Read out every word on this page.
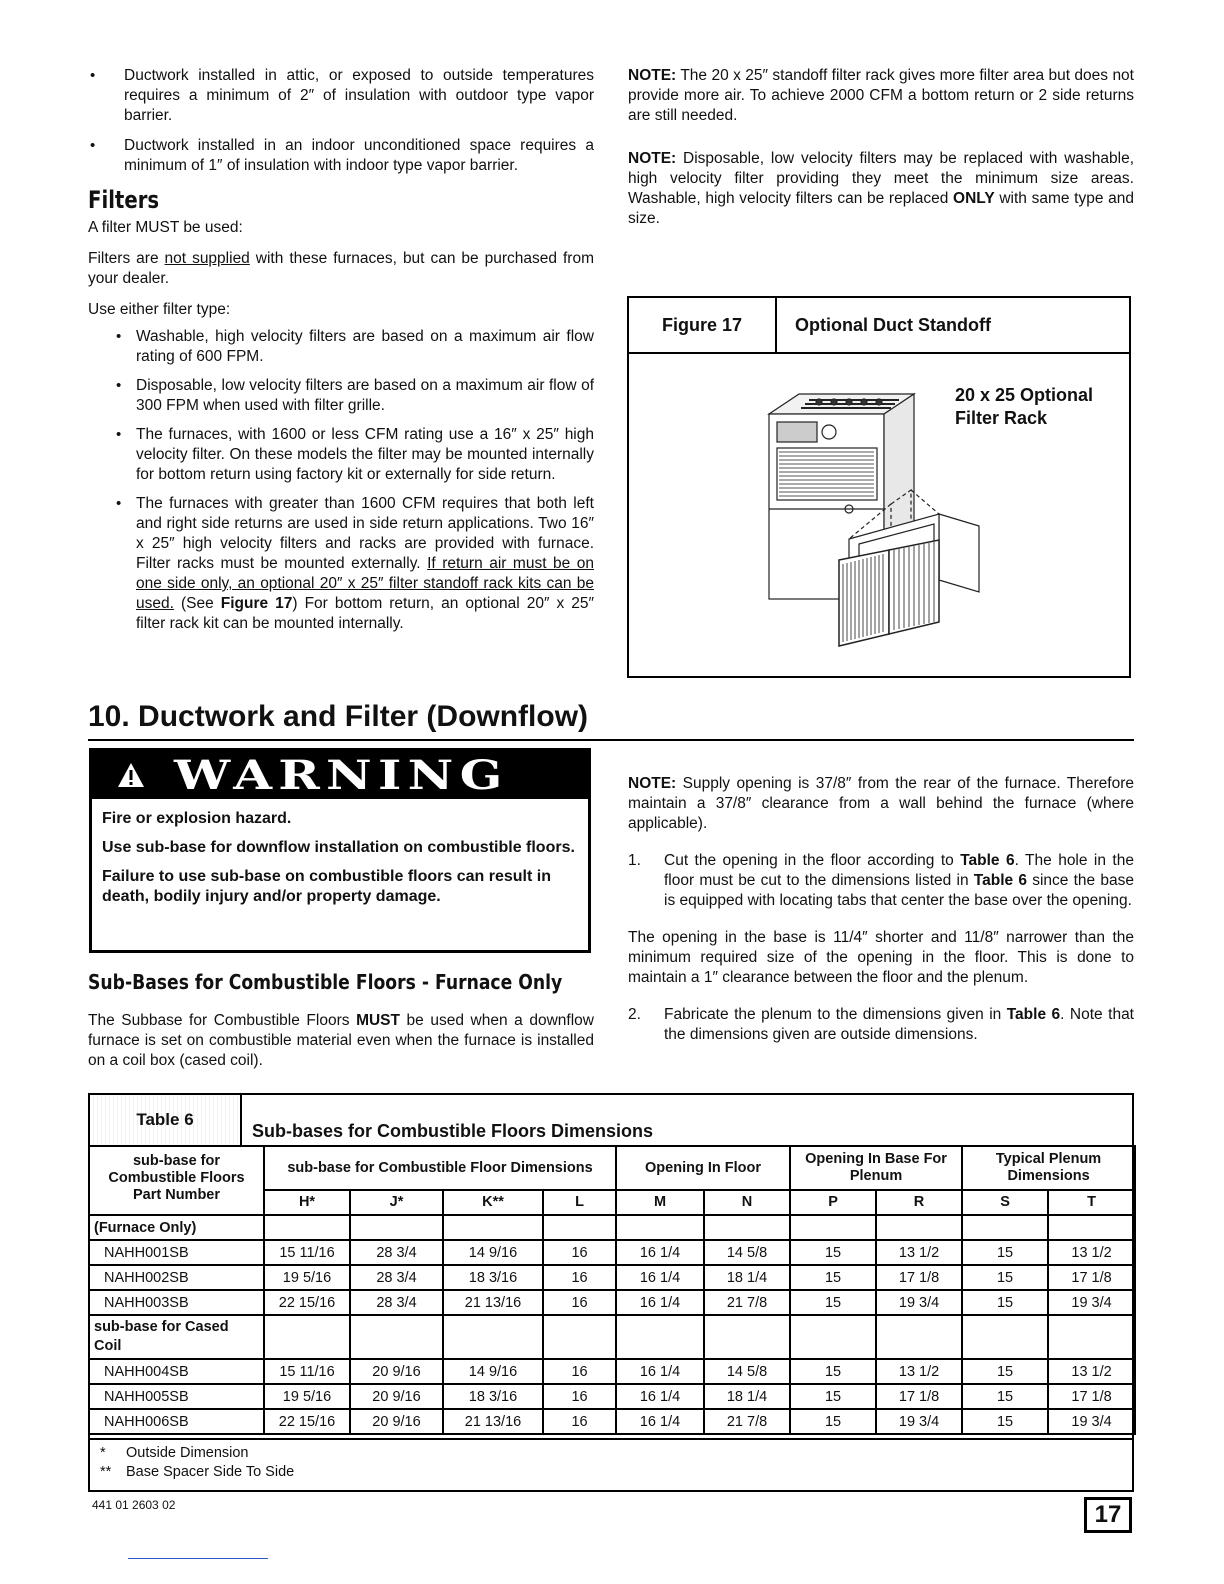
• Ductwork installed in attic, or exposed to outside temperatures requires a minimum of 2″ of insulation with outdoor type vapor barrier.
• Ductwork installed in an indoor unconditioned space requires a minimum of 1″ of insulation with indoor type vapor barrier.
Filters
A filter MUST be used:
Filters are not supplied with these furnaces, but can be purchased from your dealer.
Use either filter type:
• Washable, high velocity filters are based on a maximum air flow rating of 600 FPM.
• Disposable, low velocity filters are based on a maximum air flow of 300 FPM when used with filter grille.
• The furnaces, with 1600 or less CFM rating use a 16″ x 25″ high velocity filter. On these models the filter may be mounted internally for bottom return using factory kit or externally for side return.
• The furnaces with greater than 1600 CFM requires that both left and right side returns are used in side return applications. Two 16″ x 25″ high velocity filters and racks are provided with furnace. Filter racks must be mounted externally. If return air must be on one side only, an optional 20″ x 25″ filter standoff rack kits can be used. (See Figure 17) For bottom return, an optional 20″ x 25″ filter rack kit can be mounted internally.
NOTE: The 20 x 25″ standoff filter rack gives more filter area but does not provide more air. To achieve 2000 CFM a bottom return or 2 side returns are still needed.
NOTE: Disposable, low velocity filters may be replaced with washable, high velocity filter providing they meet the minimum size areas. Washable, high velocity filters can be replaced ONLY with same type and size.
Figure 17	Optional Duct Standoff
20 x 25 Optional Filter Rack
10. Ductwork and Filter (Downflow)
WARNING
Fire or explosion hazard.
Use sub-base for downflow installation on combustible floors.
Failure to use sub-base on combustible floors can result in death, bodily injury and/or property damage.
Sub-Bases for Combustible Floors - Furnace Only
The Subbase for Combustible Floors MUST be used when a downflow furnace is set on combustible material even when the furnace is installed on a coil box (cased coil).
NOTE: Supply opening is 37/8″ from the rear of the furnace. Therefore maintain a 37/8″ clearance from a wall behind the furnace (where applicable).
1.	Cut the opening in the floor according to Table 6. The hole in the floor must be cut to the dimensions listed in Table 6 since the base is equipped with locating tabs that center the base over the opening.
The opening in the base is 11/4″ shorter and 11/8″ narrower than the minimum required size of the opening in the floor. This is done to maintain a 1″ clearance between the floor and the plenum.
2.	Fabricate the plenum to the dimensions given in Table 6. Note that the dimensions given are outside dimensions.
Table 6
Sub-bases for Combustible Floors Dimensions
sub-base for Combustible Floors Part Number	sub-base for Combustible Floor Dimensions				Opening In Floor		Opening In Base For Plenum		Typical Plenum Dimensions	
	H*	J*	K**	L	M	N	P	R	S	T
(Furnace Only)										
NAHH001SB	15 11/16	28 3/4	14 9/16	16	16 1/4	14 5/8	15	13 1/2	15	13 1/2
NAHH002SB	19 5/16	28 3/4	18 3/16	16	16 1/4	18 1/4	15	17 1/8	15	17 1/8
NAHH003SB	22 15/16	28 3/4	21 13/16	16	16 1/4	21 7/8	15	19 3/4	15	19 3/4
sub-base for Cased Coil										
NAHH004SB	15 11/16	20 9/16	14 9/16	16	16 1/4	14 5/8	15	13 1/2	15	13 1/2
NAHH005SB	19 5/16	20 9/16	18 3/16	16	16 1/4	18 1/4	15	17 1/8	15	17 1/8
NAHH006SB	22 15/16	20 9/16	21 13/16	16	16 1/4	21 7/8	15	19 3/4	15	19 3/4
*	Outside Dimension
**	Base Spacer Side To Side
441 01 2603 02	17
